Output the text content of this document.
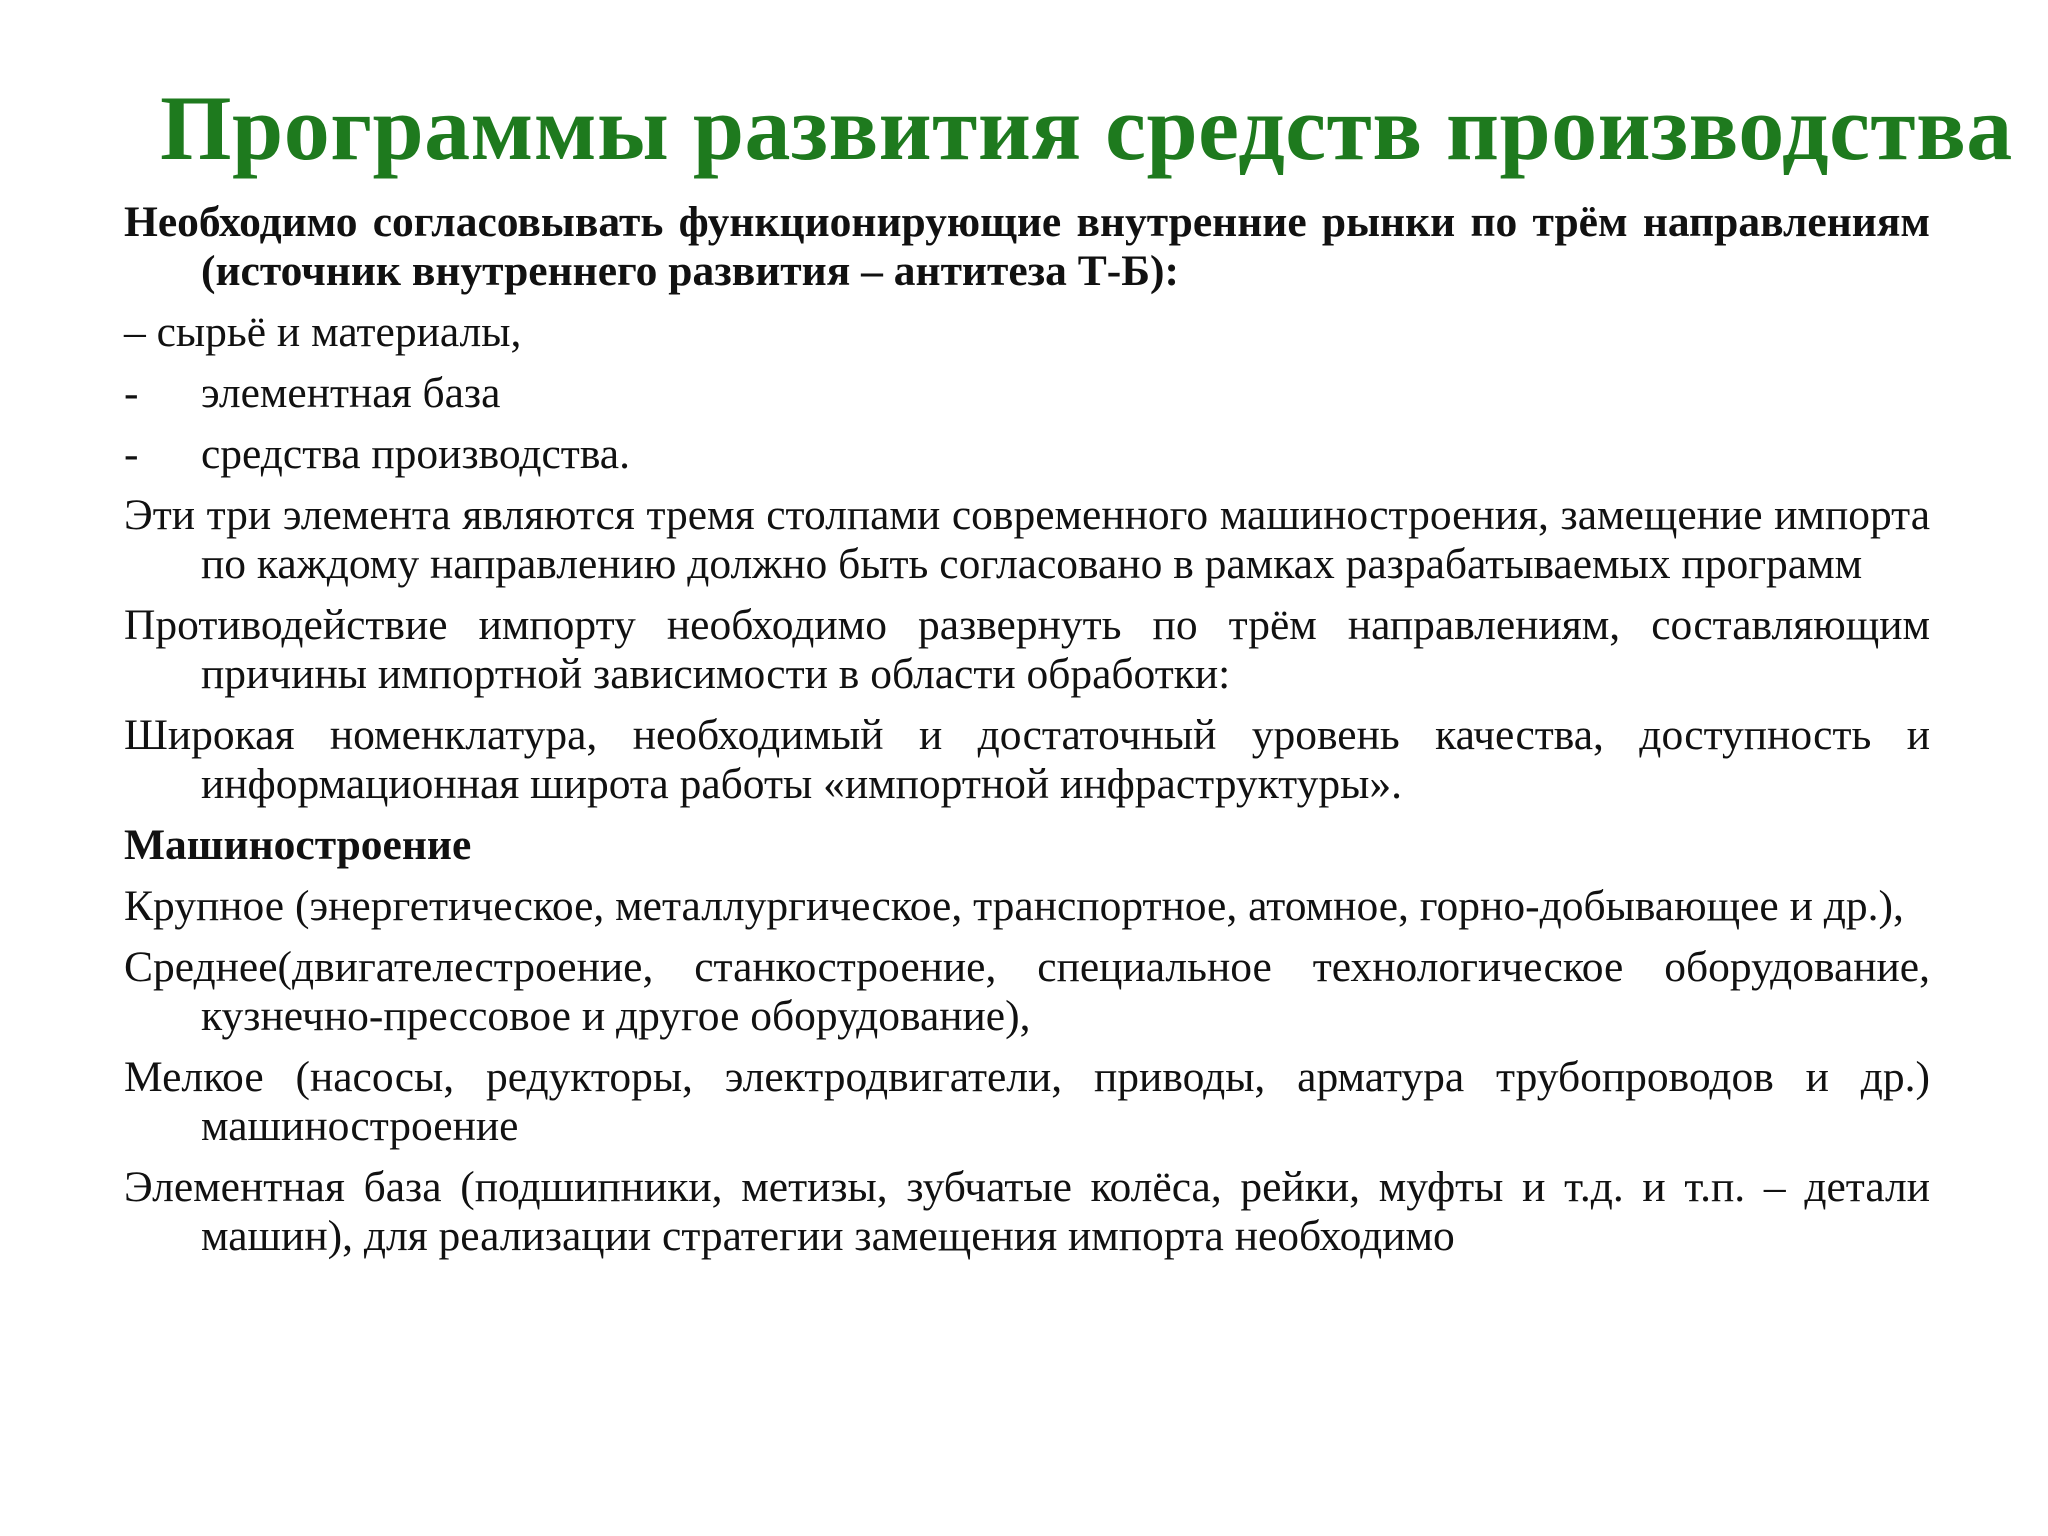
Программы развития средств производства

Необходимо согласовывать функционирующие внутренние рынки по трём направлениям (источник внутреннего развития – антитеза Т-Б):

– сырьё и материалы,

-	элементная база
-	средства производства.

Эти три элемента являются тремя столпами современного машиностроения, замещение импорта по каждому направлению должно быть согласовано в рамках разрабатываемых программ

Противодействие импорту необходимо развернуть по трём направлениям, составляющим причины импортной зависимости в области обработки:

Широкая номенклатура, необходимый и достаточный уровень качества, доступность и информационная широта работы «импортной инфраструктуры».

Машиностроение

Крупное (энергетическое, металлургическое, транспортное, атомное, горно-добывающее и др.),

Среднее(двигателестроение, станкостроение, специальное технологическое оборудование, кузнечно-прессовое и другое оборудование),

Мелкое (насосы, редукторы, электродвигатели, приводы, арматура трубопроводов и др.) машиностроение

Элементная база (подшипники, метизы, зубчатые колёса, рейки, муфты и т.д. и т.п. – детали машин), для реализации стратегии замещения импорта необходимо
